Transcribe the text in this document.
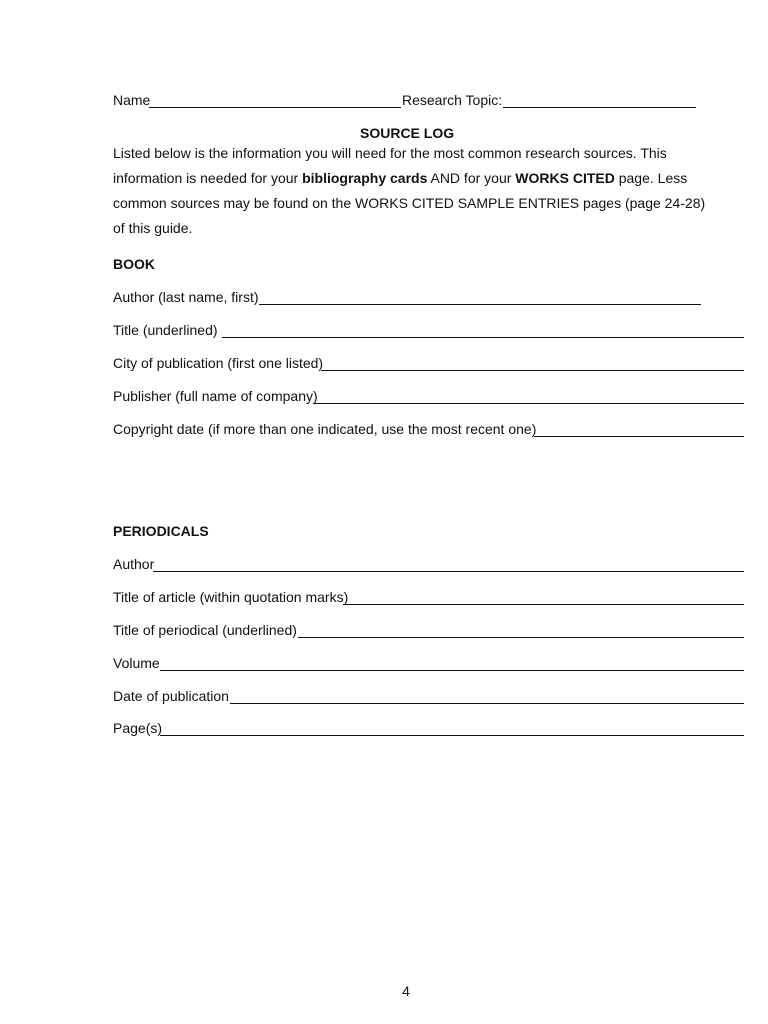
Name	Research Topic:
SOURCE LOG

Listed below is the information you will need for the most common research sources. This

information is needed for your bibliography cards AND for your WORKS CITED page. Less

common sources may be found on the WORKS CITED SAMPLE ENTRIES pages (page 24-28)

of this guide.

BOOK
Author (last name, first)
Title (underlined)
City of publication (first one listed)
Publisher (full name of company)
Copyright date (if more than one indicated, use the most recent one)
PERIODICALS
Author
Title of article (within quotation marks)
Title of periodical (underlined)
Volume
Date of publication
Page(s)
4
